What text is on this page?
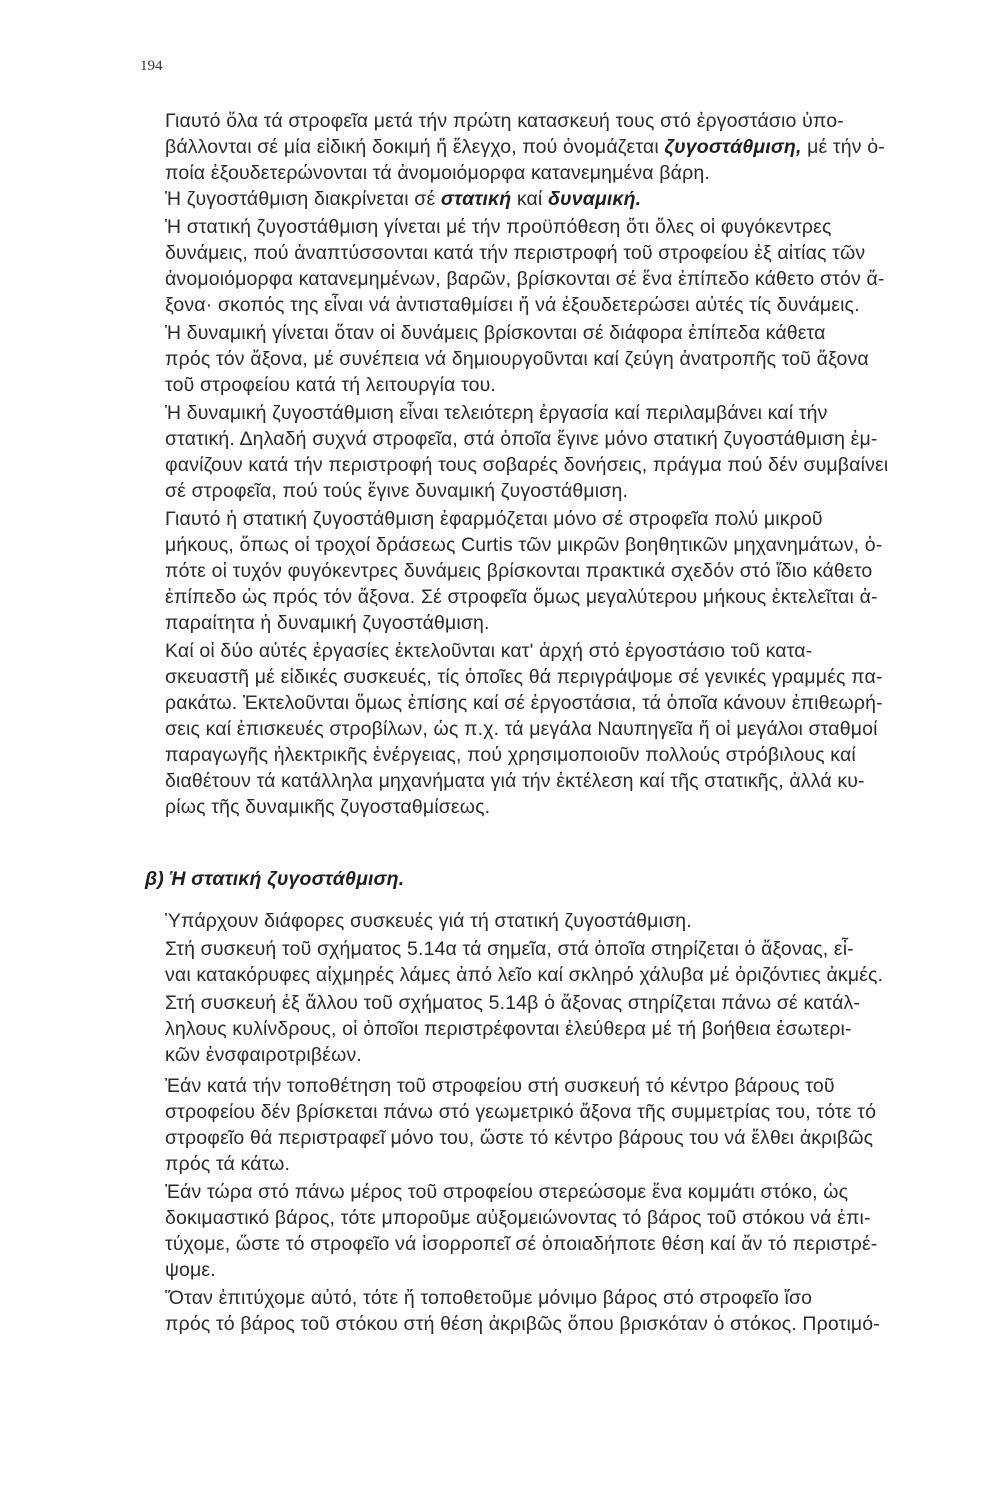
194
Γιαυτό ὅλα τά στροφεῖα μετά τήν πρώτη κατασκευή τους στό ἐργοστάσιο ὑπο-
βάλλονται σέ μία εἰδική δοκιμή ἤ ἔλεγχο, πού ὀνομάζεται ζυγοστάθμιση, μέ τήν ὀ-
ποία ἐξουδετερώνονται τά ἀνομοιόμορφα κατανεμημένα βάρη.
Ἡ ζυγοστάθμιση διακρίνεται σέ στατική καί δυναμική.
Ἡ στατική ζυγοστάθμιση γίνεται μέ τήν προϋπόθεση ὅτι ὅλες οἱ φυγόκεντρες
δυνάμεις, πού ἀναπτύσσονται κατά τήν περιστροφή τοῦ στροφείου ἐξ αἰτίας τῶν
ἀνομοιόμορφα κατανεμημένων, βαρῶν, βρίσκονται σέ ἕνα ἐπίπεδο κάθετο στόν ἄ-
ξονα· σκοπός της εἶναι νά ἀντισταθμίσει ἤ νά ἐξουδετερώσει αὐτές τίς δυνάμεις.
Ἡ δυναμική γίνεται ὅταν οἱ δυνάμεις βρίσκονται σέ διάφορα ἐπίπεδα κάθετα
πρός τόν ἄξονα, μέ συνέπεια νά δημιουργοῦνται καί ζεύγη ἀνατροπῆς τοῦ ἄξονα
τοῦ στροφείου κατά τή λειτουργία του.
Ἡ δυναμική ζυγοστάθμιση εἶναι τελειότερη ἐργασία καί περιλαμβάνει καί τήν
στατική. Δηλαδή συχνά στροφεῖα, στά ὁποῖα ἔγινε μόνο στατική ζυγοστάθμιση ἐμ-
φανίζουν κατά τήν περιστροφή τους σοβαρές δονήσεις, πράγμα πού δέν συμβαίνει
σέ στροφεῖα, πού τούς ἔγινε δυναμική ζυγοστάθμιση.
Γιαυτό ἡ στατική ζυγοστάθμιση ἐφαρμόζεται μόνο σέ στροφεῖα πολύ μικροῦ
μήκους, ὅπως οἱ τροχοί δράσεως Curtis τῶν μικρῶν βοηθητικῶν μηχανημάτων, ὁ-
πότε οἱ τυχόν φυγόκεντρες δυνάμεις βρίσκονται πρακτικά σχεδόν στό ἴδιο κάθετο
ἐπίπεδο ὡς πρός τόν ἄξονα. Σέ στροφεῖα ὅμως μεγαλύτερου μήκους ἐκτελεῖται ἀ-
παραίτητα ἡ δυναμική ζυγοστάθμιση.
Καί οἱ δύο αὐτές ἐργασίες ἐκτελοῦνται κατ' ἀρχή στό ἐργοστάσιο τοῦ κατα-
σκευαστῆ μέ εἰδικές συσκευές, τίς ὁποῖες θά περιγράψομε σέ γενικές γραμμές πα-
ρακάτω. Ἐκτελοῦνται ὅμως ἐπίσης καί σέ ἐργοστάσια, τά ὁποῖα κάνουν ἐπιθεωρή-
σεις καί ἐπισκευές στροβίλων, ὡς π.χ. τά μεγάλα Ναυπηγεῖα ἤ οἱ μεγάλοι σταθμοί
παραγωγῆς ἠλεκτρικῆς ἐνέργειας, πού χρησιμοποιοῦν πολλούς στρόβιλους καί
διαθέτουν τά κατάλληλα μηχανήματα γιά τήν ἐκτέλεση καί τῆς στατικῆς, ἀλλά κυ-
ρίως τῆς δυναμικῆς ζυγοσταθμίσεως.
β) Ἡ στατική ζυγοστάθμιση.
Ὑπάρχουν διάφορες συσκευές γιά τή στατική ζυγοστάθμιση.
Στή συσκευή τοῦ σχήματος 5.14α τά σημεῖα, στά ὁποῖα στηρίζεται ὁ ἄξονας, εἶ-
ναι κατακόρυφες αἰχμηρές λάμες ἀπό λεῖο καί σκληρό χάλυβα μέ ὀριζόντιες ἀκμές.
Στή συσκευή ἐξ ἄλλου τοῦ σχήματος 5.14β ὁ ἄξονας στηρίζεται πάνω σέ κατάλ-
ληλους κυλίνδρους, οἱ ὁποῖοι περιστρέφονται ἐλεύθερα μέ τή βοήθεια ἐσωτερι-
κῶν ἐνσφαιροτριβέων.
Ἐάν κατά τήν τοποθέτηση τοῦ στροφείου στή συσκευή τό κέντρο βάρους τοῦ
στροφείου δέν βρίσκεται πάνω στό γεωμετρικό ἄξονα τῆς συμμετρίας του, τότε τό
στροφεῖο θά περιστραφεῖ μόνο του, ὥστε τό κέντρο βάρους του νά ἔλθει ἀκριβῶς
πρός τά κάτω.
Ἐάν τώρα στό πάνω μέρος τοῦ στροφείου στερεώσομε ἕνα κομμάτι στόκο, ὡς
δοκιμαστικό βάρος, τότε μποροῦμε αὐξομειώνοντας τό βάρος τοῦ στόκου νά ἐπι-
τύχομε, ὥστε τό στροφεῖο νά ἰσορροπεῖ σέ ὁποιαδήποτε θέση καί ἄν τό περιστρέ-
ψομε.
Ὅταν ἐπιτύχομε αὐτό, τότε ἤ τοποθετοῦμε μόνιμο βάρος στό στροφεῖο ἴσο
πρός τό βάρος τοῦ στόκου στή θέση ἀκριβῶς ὅπου βρισκόταν ὁ στόκος. Προτιμό-
